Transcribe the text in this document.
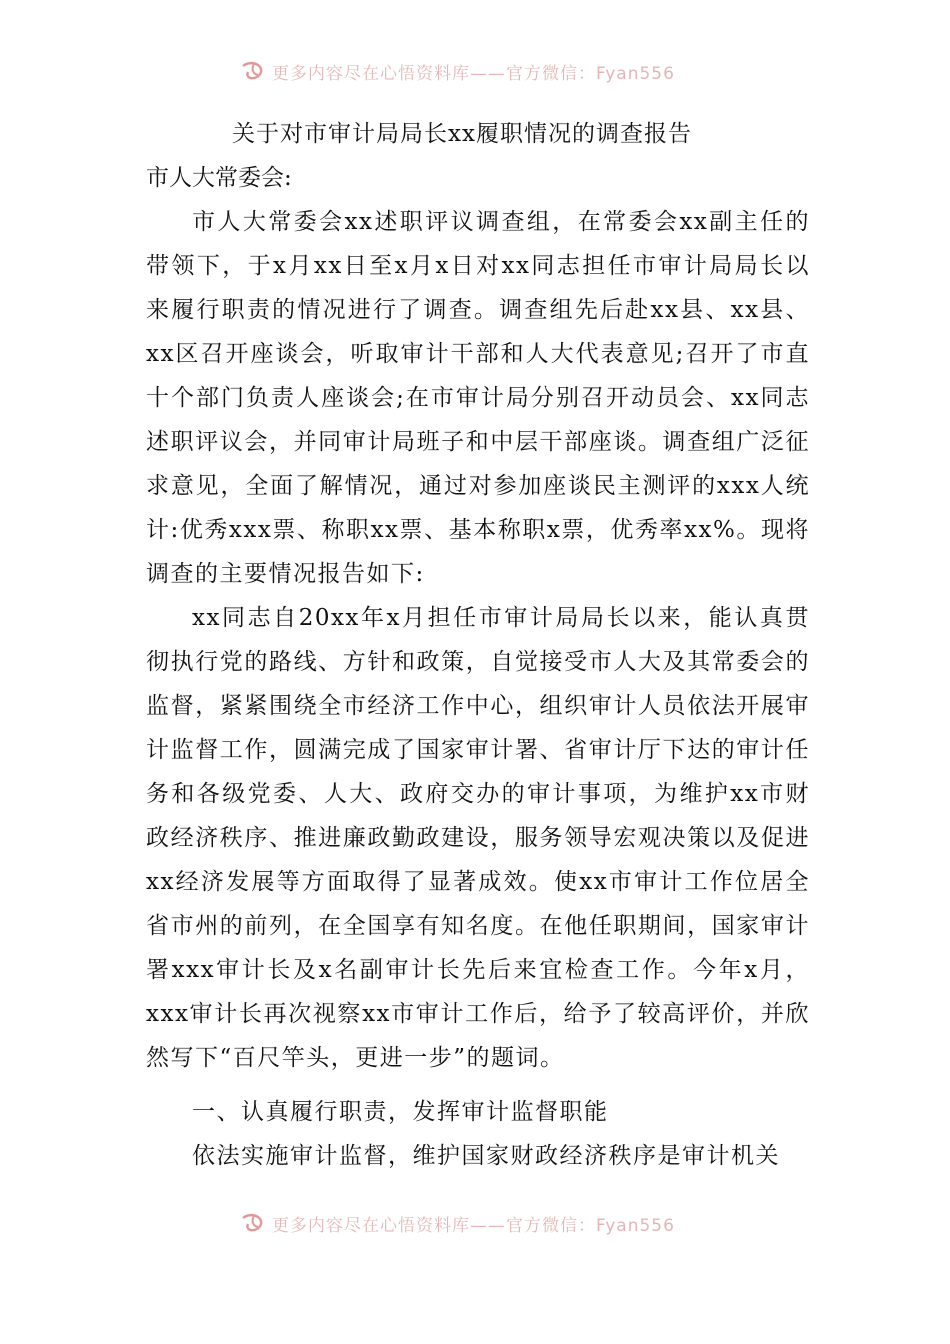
更多内容尽在心悟资料库——官方微信：Fyan556

关于对市审计局局长xx履职情况的调查报告

市人大常委会:

市人大常委会xx述职评议调查组，在常委会xx副主任的带领下，于x月xx日至x月x日对xx同志担任市审计局局长以来履行职责的情况进行了调查。调查组先后赴xx县、xx县、xx区召开座谈会，听取审计干部和人大代表意见;召开了市直十个部门负责人座谈会;在市审计局分别召开动员会、xx同志述职评议会，并同审计局班子和中层干部座谈。调查组广泛征求意见，全面了解情况，通过对参加座谈民主测评的xxx人统计:优秀xxx票、称职xx票、基本称职x票，优秀率xx%。现将调查的主要情况报告如下:

xx同志自20xx年x月担任市审计局局长以来，能认真贯彻执行党的路线、方针和政策，自觉接受市人大及其常委会的监督，紧紧围绕全市经济工作中心，组织审计人员依法开展审计监督工作，圆满完成了国家审计署、省审计厅下达的审计任务和各级党委、人大、政府交办的审计事项，为维护xx市财政经济秩序、推进廉政勤政建设，服务领导宏观决策以及促进xx经济发展等方面取得了显著成效。使xx市审计工作位居全省市州的前列，在全国享有知名度。在他任职期间，国家审计署xxx审计长及x名副审计长先后来宜检查工作。今年x月，xxx审计长再次视察xx市审计工作后，给予了较高评价，并欣然写下“百尺竿头，更进一步”的题词。

一、认真履行职责，发挥审计监督职能

依法实施审计监督，维护国家财政经济秩序是审计机关

更多内容尽在心悟资料库——官方微信：Fyan556
